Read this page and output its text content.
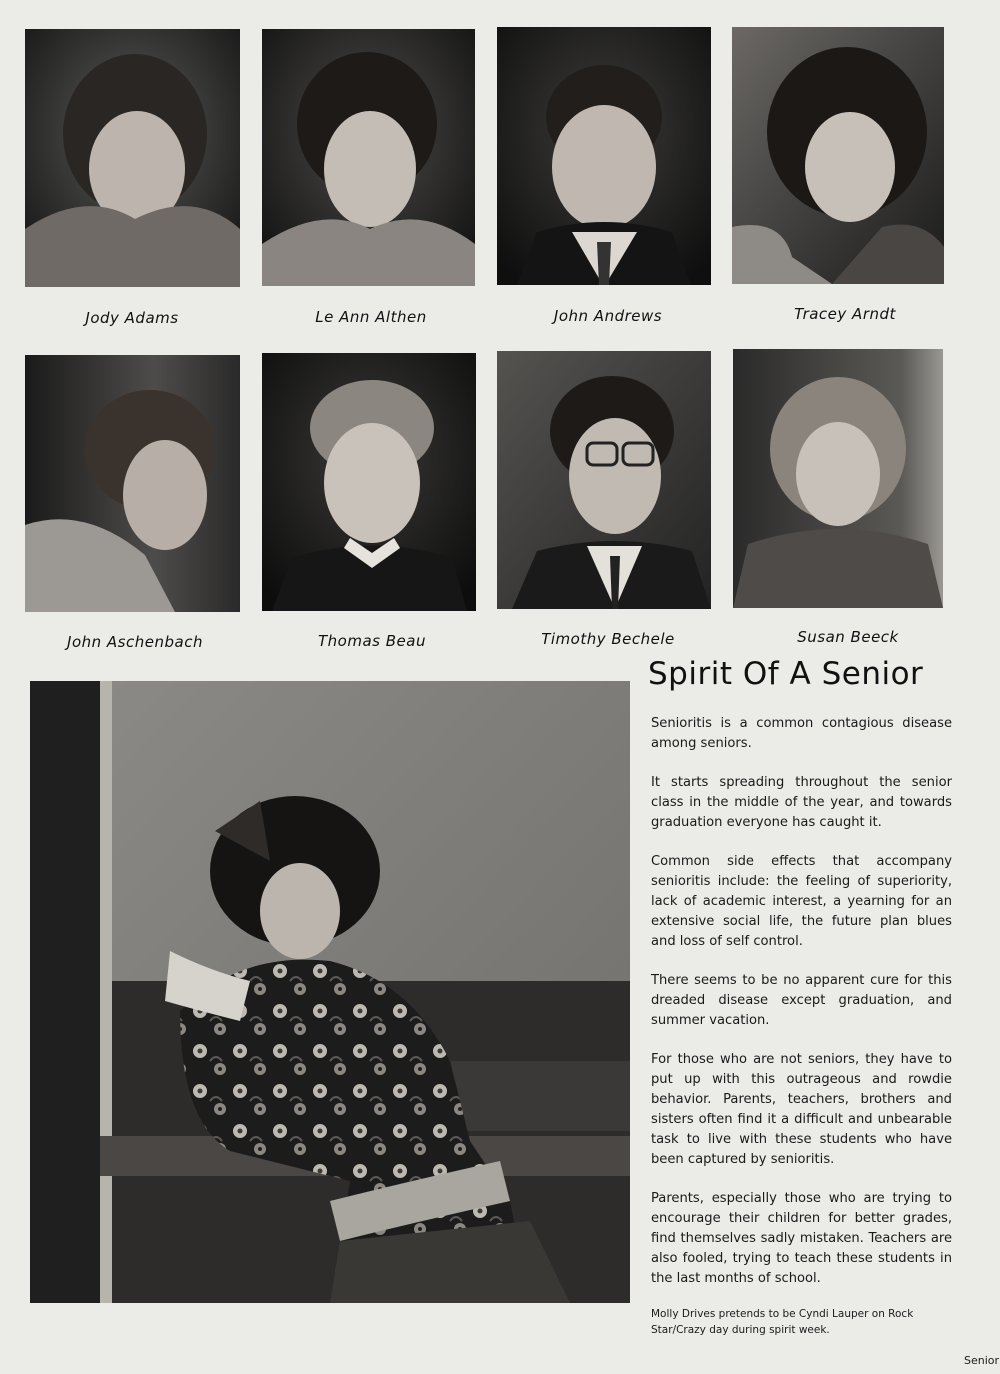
Jody Adams	Le Ann Althen	John Andrews	Tracey Arndt
John Aschenbach	Thomas Beau	Timothy Bechele	Susan Beeck
Spirit Of A Senior

Senioritis is a common contagious disease among seniors.

It starts spreading throughout the senior class in the middle of the year, and towards graduation everyone has caught it.

Common side effects that accompany senioritis include: the feeling of superiority, lack of academic interest, a yearning for an extensive social life, the future plan blues and loss of self control.

There seems to be no apparent cure for this dreaded disease except graduation, and summer vacation.

For those who are not seniors, they have to put up with this outrageous and rowdie behavior. Parents, teachers, brothers and sisters often find it a difficult and unbearable task to live with these students who have been captured by senioritis.

Parents, especially those who are trying to encourage their children for better grades, find themselves sadly mistaken. Teachers are also fooled, trying to teach these students in the last months of school.

Molly Drives pretends to be Cyndi Lauper on Rock Star/Crazy day during spirit week.
Senior
